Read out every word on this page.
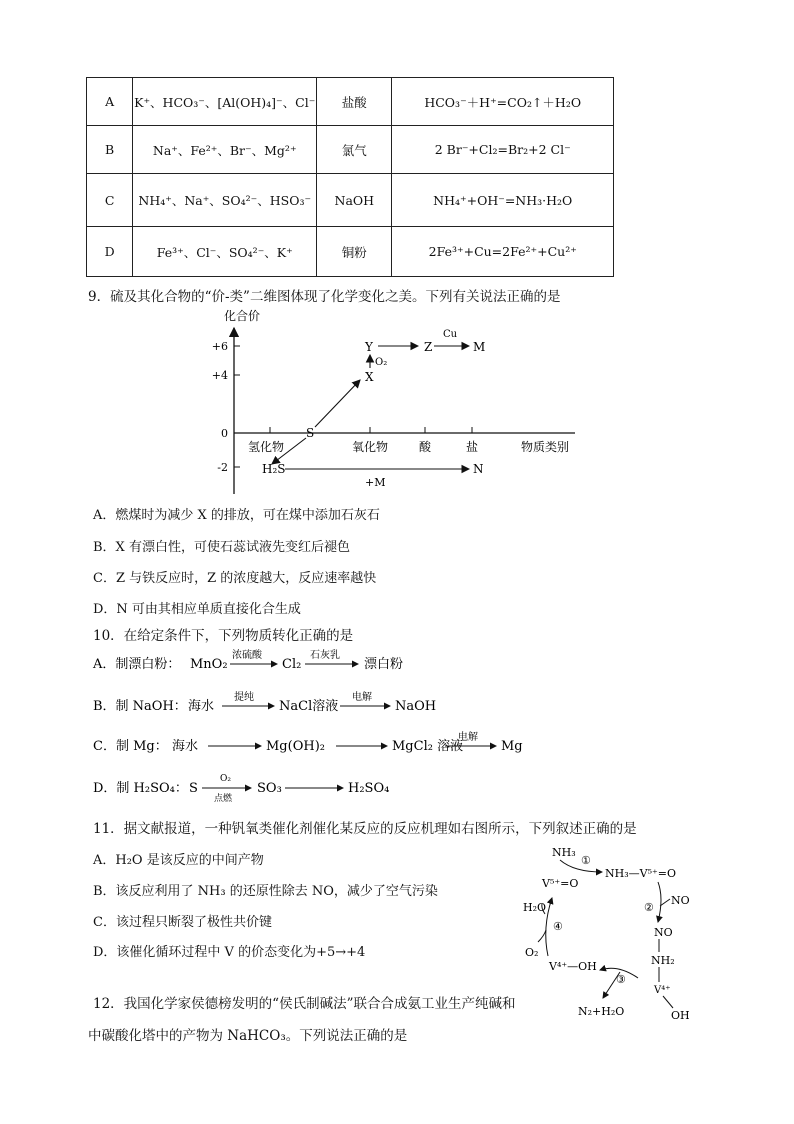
A	K⁺、HCO₃⁻、[Al(OH)₄]⁻、Cl⁻	盐酸	HCO₃⁻＋H⁺=CO₂↑＋H₂O
B	Na⁺、Fe²⁺、Br⁻、Mg²⁺	氯气	2 Br⁻+Cl₂=Br₂+2 Cl⁻
C	NH₄⁺、Na⁺、SO₄²⁻、HSO₃⁻	NaOH	NH₄⁺+OH⁻=NH₃·H₂O
D	Fe³⁺、Cl⁻、SO₄²⁻、K⁺	铜粉	2Fe³⁺+Cu=2Fe²⁺+Cu²⁺
9．硫及其化合物的“价-类”二维图体现了化学变化之美。下列有关说法正确的是
化合价
+6
+4
0
-2
氢化物	氧化物	酸	盐	物质类别
S
X
Y	Z	M
H₂S	N
O₂
Cu
+M
A．燃煤时为减少 X 的排放，可在煤中添加石灰石
B．X 有漂白性，可使石蕊试液先变红后褪色
C．Z 与铁反应时，Z 的浓度越大，反应速率越快
D．N 可由其相应单质直接化合生成
10．在给定条件下，下列物质转化正确的是
A．制漂白粉： MnO₂
浓硫酸
Cl₂
石灰乳
漂白粉
B．制 NaOH： 海水
提纯
NaCl溶液
电解
NaOH
C．制 Mg： 海水	Mg(OH)₂	MgCl₂ 溶液
电解
Mg
D．制 H₂SO₄： S
O₂
点燃
SO₃	H₂SO₄
11．据文献报道，一种钒氧类催化剂催化某反应的反应机理如右图所示，下列叙述正确的是
A．H₂O 是该反应的中间产物
B．该反应利用了 NH₃ 的还原性除去 NO，减少了空气污染
C．该过程只断裂了极性共价键
D．该催化循环过程中 V 的价态变化为+5→+4
NH₃
①
NH₃—V⁵⁺=O
V⁵⁺=O
②
NO
NO
NH₂
V⁴⁺
OH
③
N₂+H₂O
V⁴⁺—OH
④
O₂
H₂O
12．我国化学家侯德榜发明的“侯氏制碱法”联合合成氨工业生产纯碱和
中碳酸化塔中的产物为 NaHCO₃。下列说法正确的是
